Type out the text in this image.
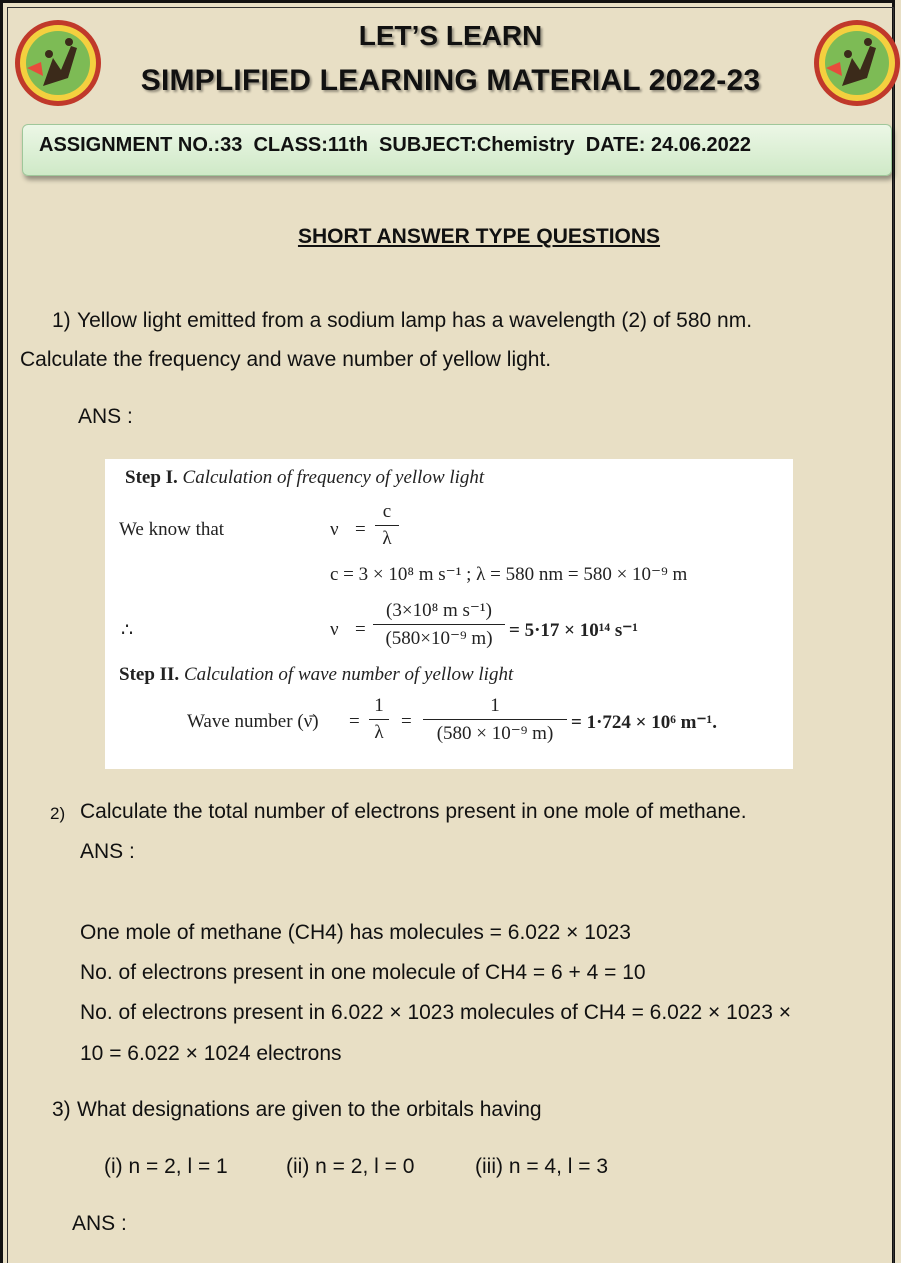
LET’S LEARN
SIMPLIFIED LEARNING MATERIAL 2022-23
ASSIGNMENT NO.:33  CLASS:11th  SUBJECT:Chemistry  DATE: 24.06.2022
SHORT ANSWER TYPE QUESTIONS
1) Yellow light emitted from a sodium lamp has a wavelength (2) of 580 nm.
Calculate the frequency and wave number of yellow light.
ANS :
Step I. Calculation of frequency of yellow light
We know that	ν =
c
λ
c = 3 × 10⁸ m s⁻¹ ; λ = 580 nm = 580 × 10⁻⁹ m
∴	ν =
(3×10⁸ m s⁻¹)
(580×10⁻⁹ m) = 5·17 × 10¹⁴ s⁻¹
Step II. Calculation of wave number of yellow light
Wave number (ν̄) =
1
λ
=
1
(580 × 10⁻⁹ m)
= 1·724 × 10⁶ m⁻¹.
2) Calculate the total number of electrons present in one mole of methane.
ANS :
One mole of methane (CH4) has molecules = 6.022 × 1023
No. of electrons present in one molecule of CH4 = 6 + 4 = 10
No. of electrons present in 6.022 × 1023 molecules of CH4 = 6.022 × 1023 ×
10 = 6.022 × 1024 electrons
3) What designations are given to the orbitals having
(i) n = 2, l = 1	(ii) n = 2, l = 0	(iii) n = 4, l = 3
ANS :
